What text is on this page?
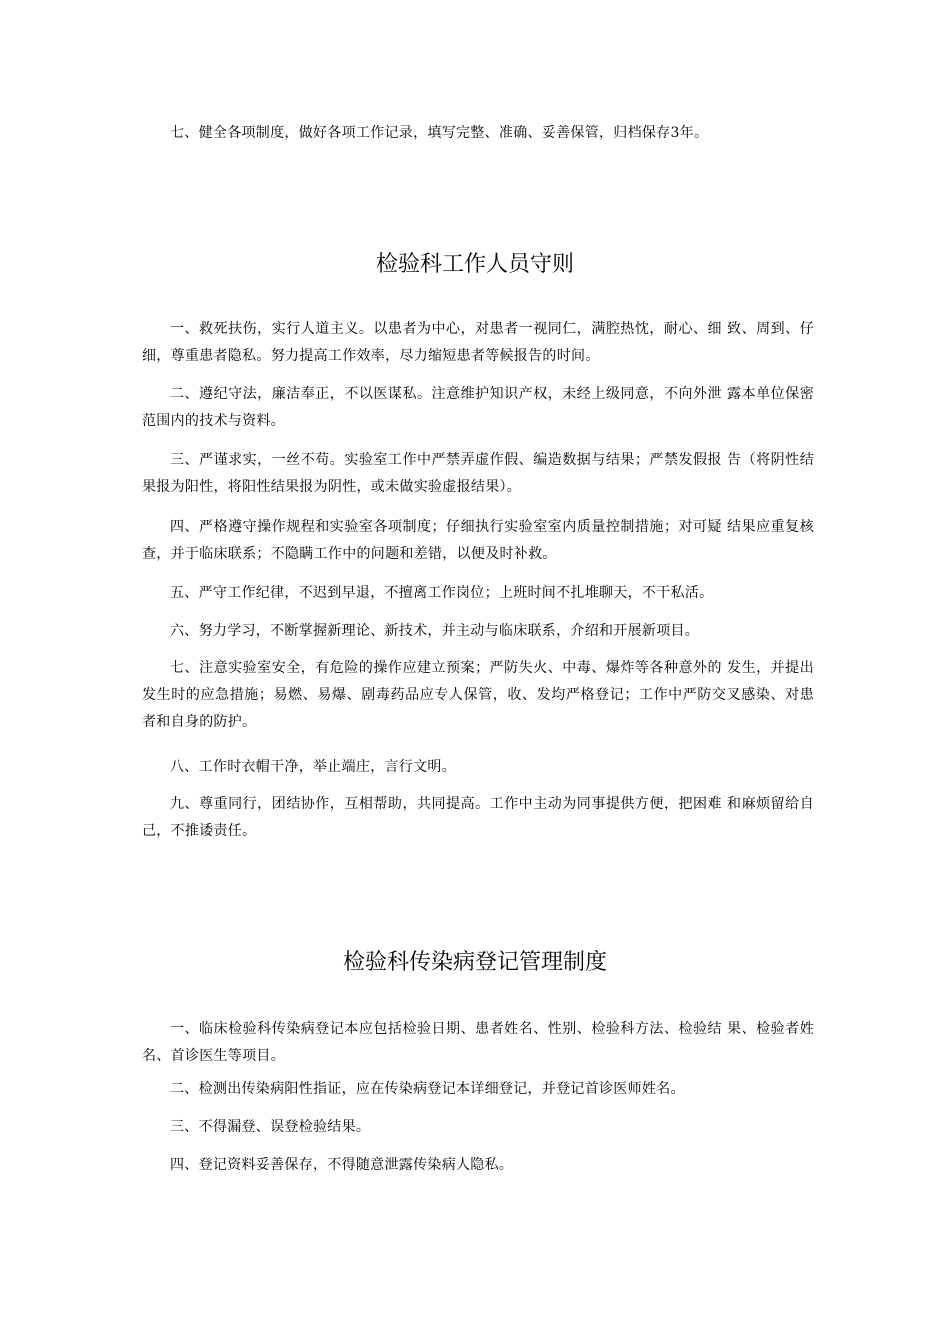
七、健全各项制度，做好各项工作记录，填写完整、准确、妥善保管，归档保存3年。

检验科工作人员守则

一、救死扶伤，实行人道主义。以患者为中心，对患者一视同仁，满腔热忱，耐心、细 致、周到、仔细，尊重患者隐私。努力提高工作效率，尽力缩短患者等候报告的时间。

二、遵纪守法，廉洁奉正，不以医谋私。注意维护知识产权，未经上级同意，不向外泄 露本单位保密范围内的技术与资料。

三、严谨求实，一丝不苟。实验室工作中严禁弄虚作假、编造数据与结果；严禁发假报 告（将阴性结果报为阳性，将阳性结果报为阴性，或未做实验虚报结果）。

四、严格遵守操作规程和实验室各项制度；仔细执行实验室室内质量控制措施；对可疑 结果应重复核查，并于临床联系；不隐瞒工作中的问题和差错，以便及时补救。

五、严守工作纪律，不迟到早退，不擅离工作岗位；上班时间不扎堆聊天，不干私活。

六、努力学习，不断掌握新理论、新技术，并主动与临床联系，介绍和开展新项目。

七、注意实验室安全，有危险的操作应建立预案；严防失火、中毒、爆炸等各种意外的 发生，并提出发生时的应急措施；易燃、易爆、剧毒药品应专人保管，收、发均严格登记；工作中严防交叉感染、对患者和自身的防护。

八、工作时衣帽干净，举止端庄，言行文明。

九、尊重同行，团结协作，互相帮助，共同提高。工作中主动为同事提供方便，把困难 和麻烦留给自己，不推诿责任。

检验科传染病登记管理制度

一、临床检验科传染病登记本应包括检验日期、患者姓名、性别、检验科方法、检验结 果、检验者姓名、首诊医生等项目。

二、检测出传染病阳性指证，应在传染病登记本详细登记，并登记首诊医师姓名。

三、不得漏登、误登检验结果。

四、登记资料妥善保存，不得随意泄露传染病人隐私。
